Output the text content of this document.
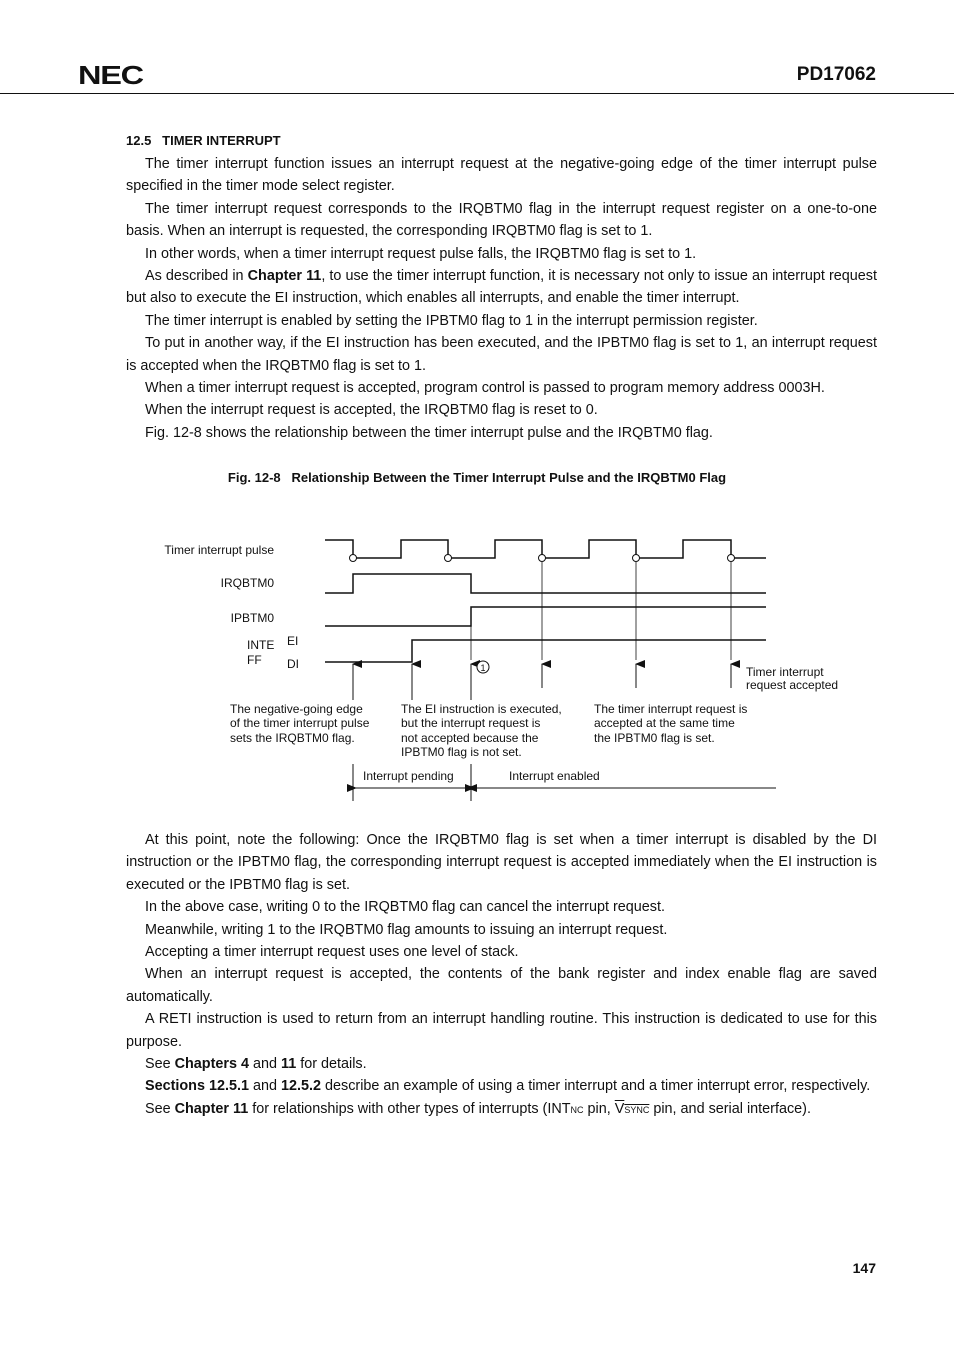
NEC	PD17062
12.5   TIMER INTERRUPT

The timer interrupt function issues an interrupt request at the negative-going edge of the timer interrupt pulse specified in the timer mode select register.

The timer interrupt request corresponds to the IRQBTM0 flag in the interrupt request register on a one-to-one basis. When an interrupt is requested, the corresponding IRQBTM0 flag is set to 1.

In other words, when a timer interrupt request pulse falls, the IRQBTM0 flag is set to 1.

As described in Chapter 11, to use the timer interrupt function, it is necessary not only to issue an interrupt request but also to execute the EI instruction, which enables all interrupts, and enable the timer interrupt.

The timer interrupt is enabled by setting the IPBTM0 flag to 1 in the interrupt permission register.

To put in another way, if the EI instruction has been executed, and the IPBTM0 flag is set to 1, an interrupt request is accepted when the IRQBTM0 flag is set to 1.

When a timer interrupt request is accepted, program control is passed to program memory address 0003H.

When the interrupt request is accepted, the IRQBTM0 flag is reset to 0.

Fig. 12-8 shows the relationship between the timer interrupt pulse and the IRQBTM0 flag.

Fig. 12-8   Relationship Between the Timer Interrupt Pulse and the IRQBTM0 Flag
Timer interrupt pulse
IRQBTM0
IPBTM0
INTE
FF
EI
DI	1	Timer interrupt
request accepted
The negative-going edge
of the timer interrupt pulse
sets the IRQBTM0 flag.
The EI instruction is executed,
but the interrupt request is
not accepted because the
IPBTM0 flag is not set.
The timer interrupt request is
accepted at the same time
the IPBTM0 flag is set.
Interrupt pending	Interrupt enabled

At this point, note the following: Once the IRQBTM0 flag is set when a timer interrupt is disabled by the DI instruction or the IPBTM0 flag, the corresponding interrupt request is accepted immediately when the EI instruction is executed or the IPBTM0 flag is set.

In the above case, writing 0 to the IRQBTM0 flag can cancel the interrupt request.

Meanwhile, writing 1 to the IRQBTM0 flag amounts to issuing an interrupt request.

Accepting a timer interrupt request uses one level of stack.

When an interrupt request is accepted, the contents of the bank register and index enable flag are saved automatically.

A RETI instruction is used to return from an interrupt handling routine. This instruction is dedicated to use for this purpose.

See Chapters 4 and 11 for details.

Sections 12.5.1 and 12.5.2 describe an example of using a timer interrupt and a timer interrupt error, respectively.

See Chapter 11 for relationships with other types of interrupts (INTNC pin, VSYNC pin, and serial interface).

147
